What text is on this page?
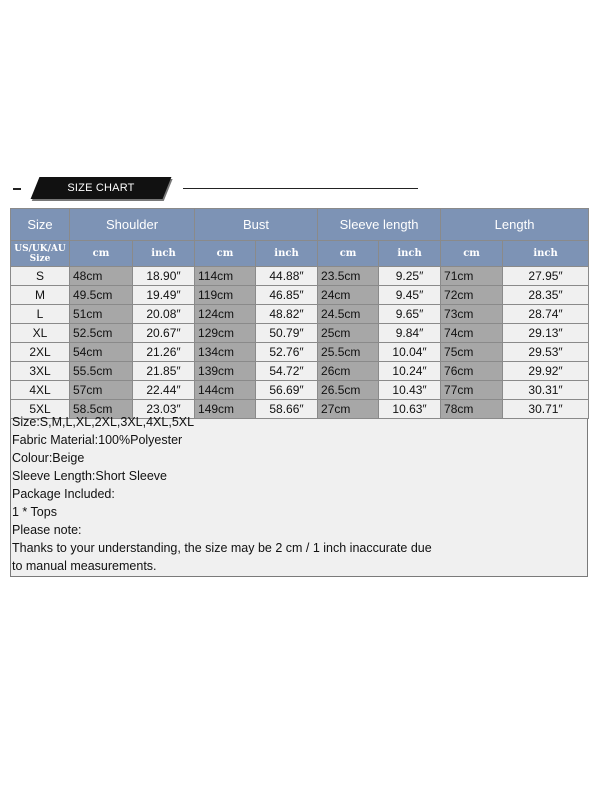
SIZE CHART
Size	Shoulder		Bust		Sleeve length		Length	

US/UK/AU
Size	cm	inch	cm	inch	cm	inch	cm	inch
S	48cm	18.90″	114cm	44.88″	23.5cm	9.25″	71cm	27.95″
M	49.5cm	19.49″	119cm	46.85″	24cm	9.45″	72cm	28.35″
L	51cm	20.08″	124cm	48.82″	24.5cm	9.65″	73cm	28.74″
XL	52.5cm	20.67″	129cm	50.79″	25cm	9.84″	74cm	29.13″
2XL	54cm	21.26″	134cm	52.76″	25.5cm	10.04″	75cm	29.53″
3XL	55.5cm	21.85″	139cm	54.72″	26cm	10.24″	76cm	29.92″
4XL	57cm	22.44″	144cm	56.69″	26.5cm	10.43″	77cm	30.31″
5XL	58.5cm	23.03″	149cm	58.66″	27cm	10.63″	78cm	30.71″
Size:S,M,L,XL,2XL,3XL,4XL,5XL
Fabric Material:100%Polyester
Colour:Beige
Sleeve Length:Short Sleeve
Package Included:
1 * Tops
Please note:
Thanks to your understanding, the size may be 2 cm / 1 inch inaccurate due
to manual measurements.
